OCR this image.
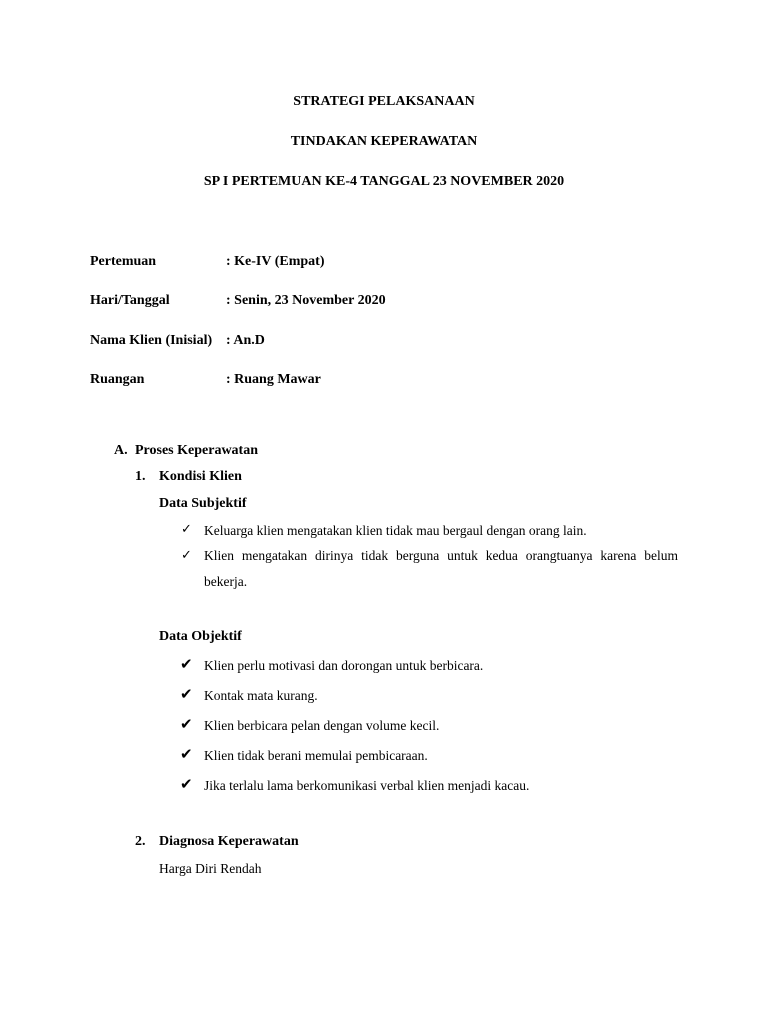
STRATEGI PELAKSANAAN
TINDAKAN KEPERAWATAN
SP I PERTEMUAN KE-4 TANGGAL 23 NOVEMBER 2020
Pertemuan	: Ke-IV (Empat)
Hari/Tanggal	: Senin, 23 November 2020
Nama Klien (Inisial) : An.D
Ruangan	: Ruang Mawar
A. Proses Keperawatan
1. Kondisi Klien
Data Subjektif
✓ Keluarga klien mengatakan klien tidak mau bergaul dengan orang lain.
✓ Klien mengatakan dirinya tidak berguna untuk kedua orangtuanya karena belum bekerja.
Data Objektif
✔ Klien perlu motivasi dan dorongan untuk berbicara.
✔ Kontak mata kurang.
✔ Klien berbicara pelan dengan volume kecil.
✔ Klien tidak berani memulai pembicaraan.
✔ Jika terlalu lama berkomunikasi verbal klien menjadi kacau.
2. Diagnosa Keperawatan
Harga Diri Rendah
